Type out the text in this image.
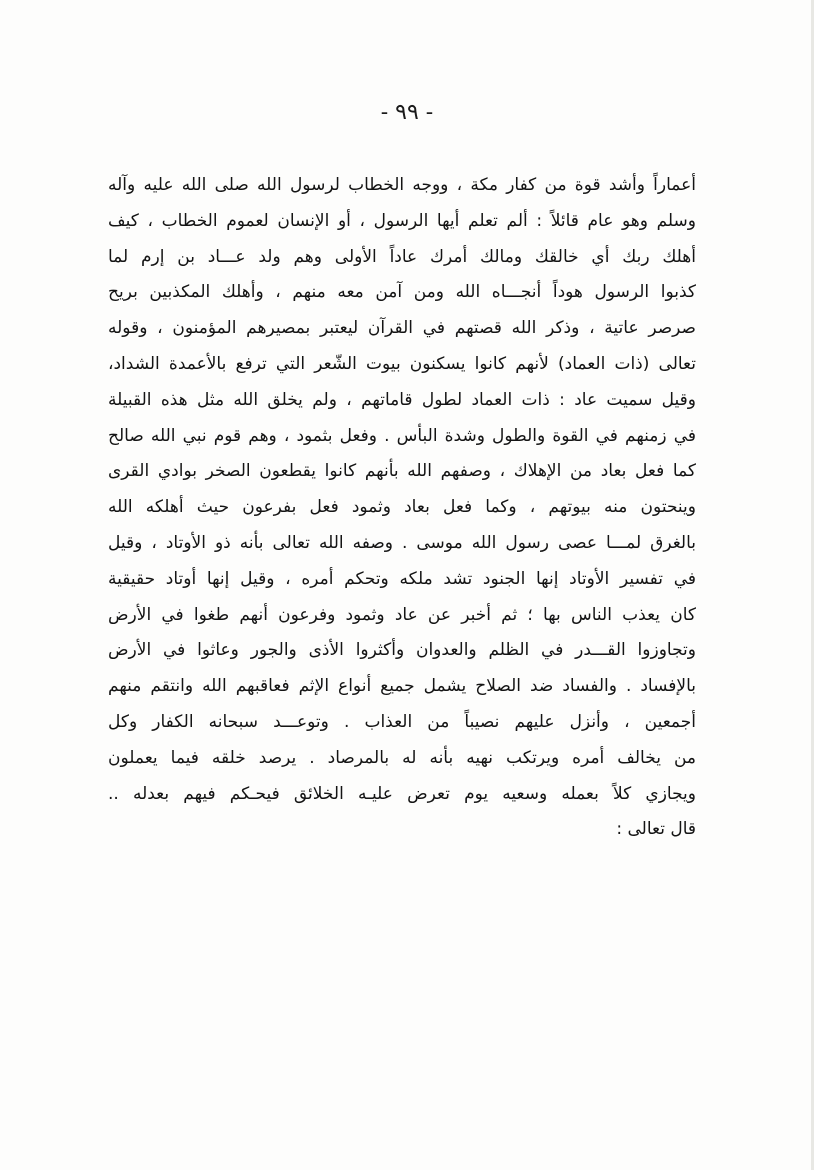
- ٩٩ -
أعماراً وأشد قوة من كفار مكة ، ووجه الخطاب لرسول الله صلى الله عليه وآله
وسلم وهو عام قائلاً : ألم تعلم أيها الرسول ، أو الإنسان لعموم الخطاب ، كيف
أهلك ربك أي خالقك ومالك أمرك عاداً الأولى وهم ولد عـــاد بن إرم لما
كذبوا الرسول هوداً أنجـــاه الله ومن آمن معه منهم ، وأهلك المكذبين بريح
صرصر عاتية ، وذكر الله قصتهم في القرآن ليعتبر بمصيرهم المؤمنون ، وقوله
تعالى (ذات العماد) لأنهم كانوا يسكنون بيوت الشّعر التي ترفع بالأعمدة الشداد،
وقيل سميت عاد : ذات العماد لطول قاماتهم ، ولم يخلق الله مثل هذه القبيلة
في زمنهم في القوة والطول وشدة البأس . وفعل بثمود ، وهم قوم نبي الله صالح
كما فعل بعاد من الإهلاك ، وصفهم الله بأنهم كانوا يقطعون الصخر بوادي القرى
وينحتون منه بيوتهم ، وكما فعل بعاد وثمود فعل بفرعون حيث أهلكه الله
بالغرق لمـــا عصى رسول الله موسى . وصفه الله تعالى بأنه ذو الأوتاد ، وقيل
في تفسير الأوتاد إنها الجنود تشد ملكه وتحكم أمره ، وقيل إنها أوتاد حقيقية
كان يعذب الناس بها ؛ ثم أخبر عن عاد وثمود وفرعون أنهم طغوا في الأرض
وتجاوزوا القـــدر في الظلم والعدوان وأكثروا الأذى والجور وعاثوا في الأرض
بالإفساد . والفساد ضد الصلاح يشمل جميع أنواع الإثم فعاقبهم الله وانتقم منهم
أجمعين ، وأنزل عليهم نصيباً من العذاب . وتوعـــد سبحانه الكفار وكل
من يخالف أمره ويرتكب نهيه بأنه له بالمرصاد . يرصد خلقه فيما يعملون
ويجازي كلاً بعمله وسعيه يوم تعرض عليـه الخلائق فيحـكم فيهم بعدله ..
قال تعالى :
